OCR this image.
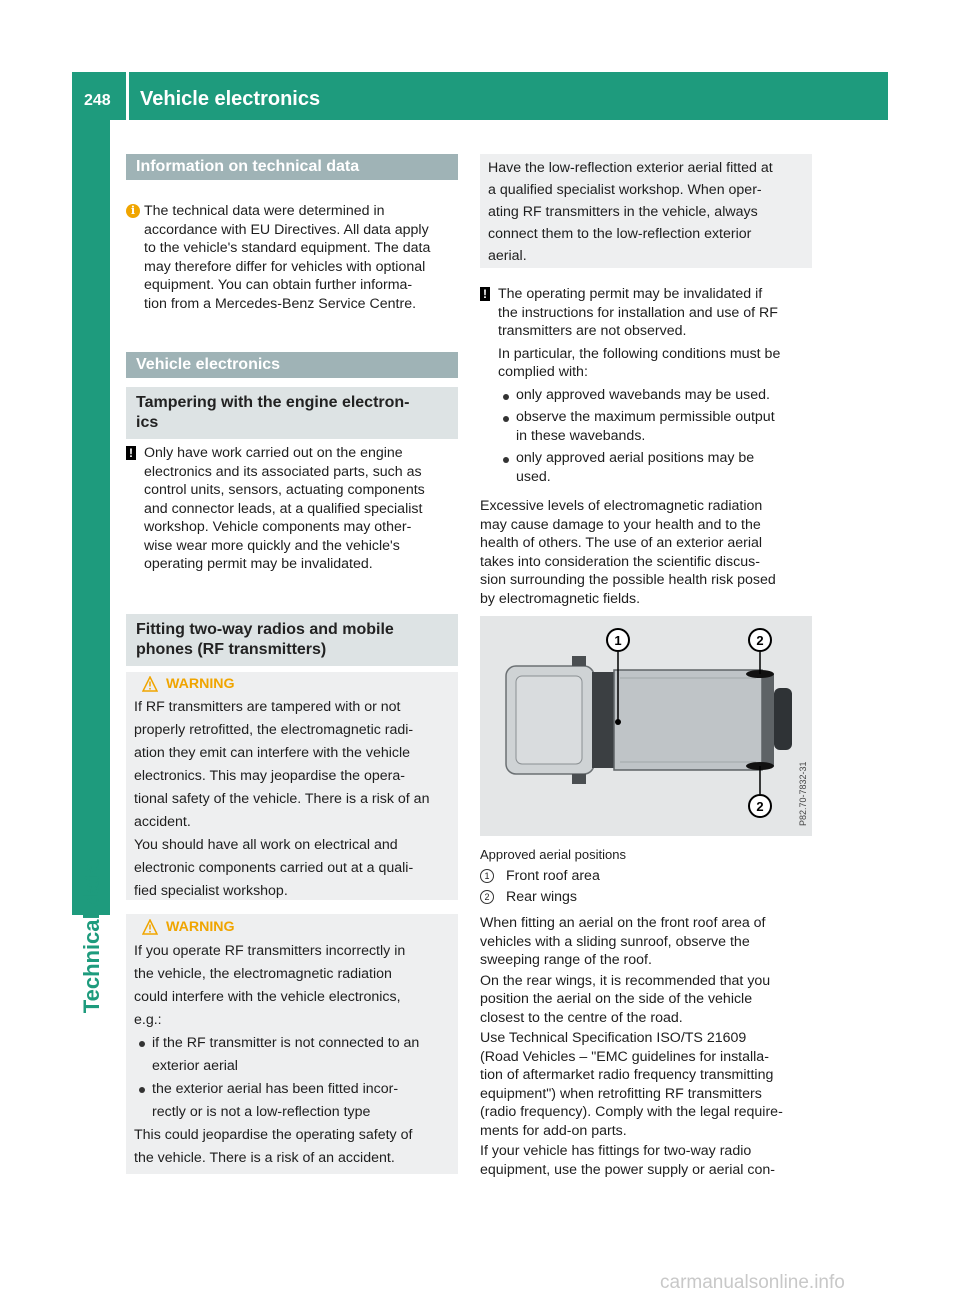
248 Vehicle electronics
Technical data
Information on technical data
i The technical data were determined in
accordance with EU Directives. All data apply
to the vehicle's standard equipment. The data
may therefore differ for vehicles with optional
equipment. You can obtain further informa-
tion from a Mercedes-Benz Service Centre.
Vehicle electronics
Tampering with the engine electron-
ics
! Only have work carried out on the engine
electronics and its associated parts, such as
control units, sensors, actuating components
and connector leads, at a qualified specialist
workshop. Vehicle components may other-
wise wear more quickly and the vehicle's
operating permit may be invalidated.
Fitting two-way radios and mobile
phones (RF transmitters)
WARNING
If RF transmitters are tampered with or not
properly retrofitted, the electromagnetic radi-
ation they emit can interfere with the vehicle
electronics. This may jeopardise the opera-
tional safety of the vehicle. There is a risk of an
accident.
You should have all work on electrical and
electronic components carried out at a quali-
fied specialist workshop.
WARNING
If you operate RF transmitters incorrectly in
the vehicle, the electromagnetic radiation
could interfere with the vehicle electronics,
e.g.:
if the RF transmitter is not connected to an
exterior aerial
the exterior aerial has been fitted incor-
rectly or is not a low-reflection type
This could jeopardise the operating safety of
the vehicle. There is a risk of an accident.
Have the low-reflection exterior aerial fitted at
a qualified specialist workshop. When oper-
ating RF transmitters in the vehicle, always
connect them to the low-reflection exterior
aerial.
! The operating permit may be invalidated if
the instructions for installation and use of RF
transmitters are not observed.
In particular, the following conditions must be
complied with:
only approved wavebands may be used.
observe the maximum permissible output
in these wavebands.
only approved aerial positions may be
used.
Excessive levels of electromagnetic radiation
may cause damage to your health and to the
health of others. The use of an exterior aerial
takes into consideration the scientific discus-
sion surrounding the possible health risk posed
by electromagnetic fields.
1	2
2	P82.70-7832-31
Approved aerial positions
1 Front roof area
2 Rear wings
When fitting an aerial on the front roof area of
vehicles with a sliding sunroof, observe the
sweeping range of the roof.
On the rear wings, it is recommended that you
position the aerial on the side of the vehicle
closest to the centre of the road.
Use Technical Specification ISO/TS 21609
(Road Vehicles – "EMC guidelines for installa-
tion of aftermarket radio frequency transmitting
equipment") when retrofitting RF transmitters
(radio frequency). Comply with the legal require-
ments for add-on parts.
If your vehicle has fittings for two-way radio
equipment, use the power supply or aerial con-
carmanualsonline.info
